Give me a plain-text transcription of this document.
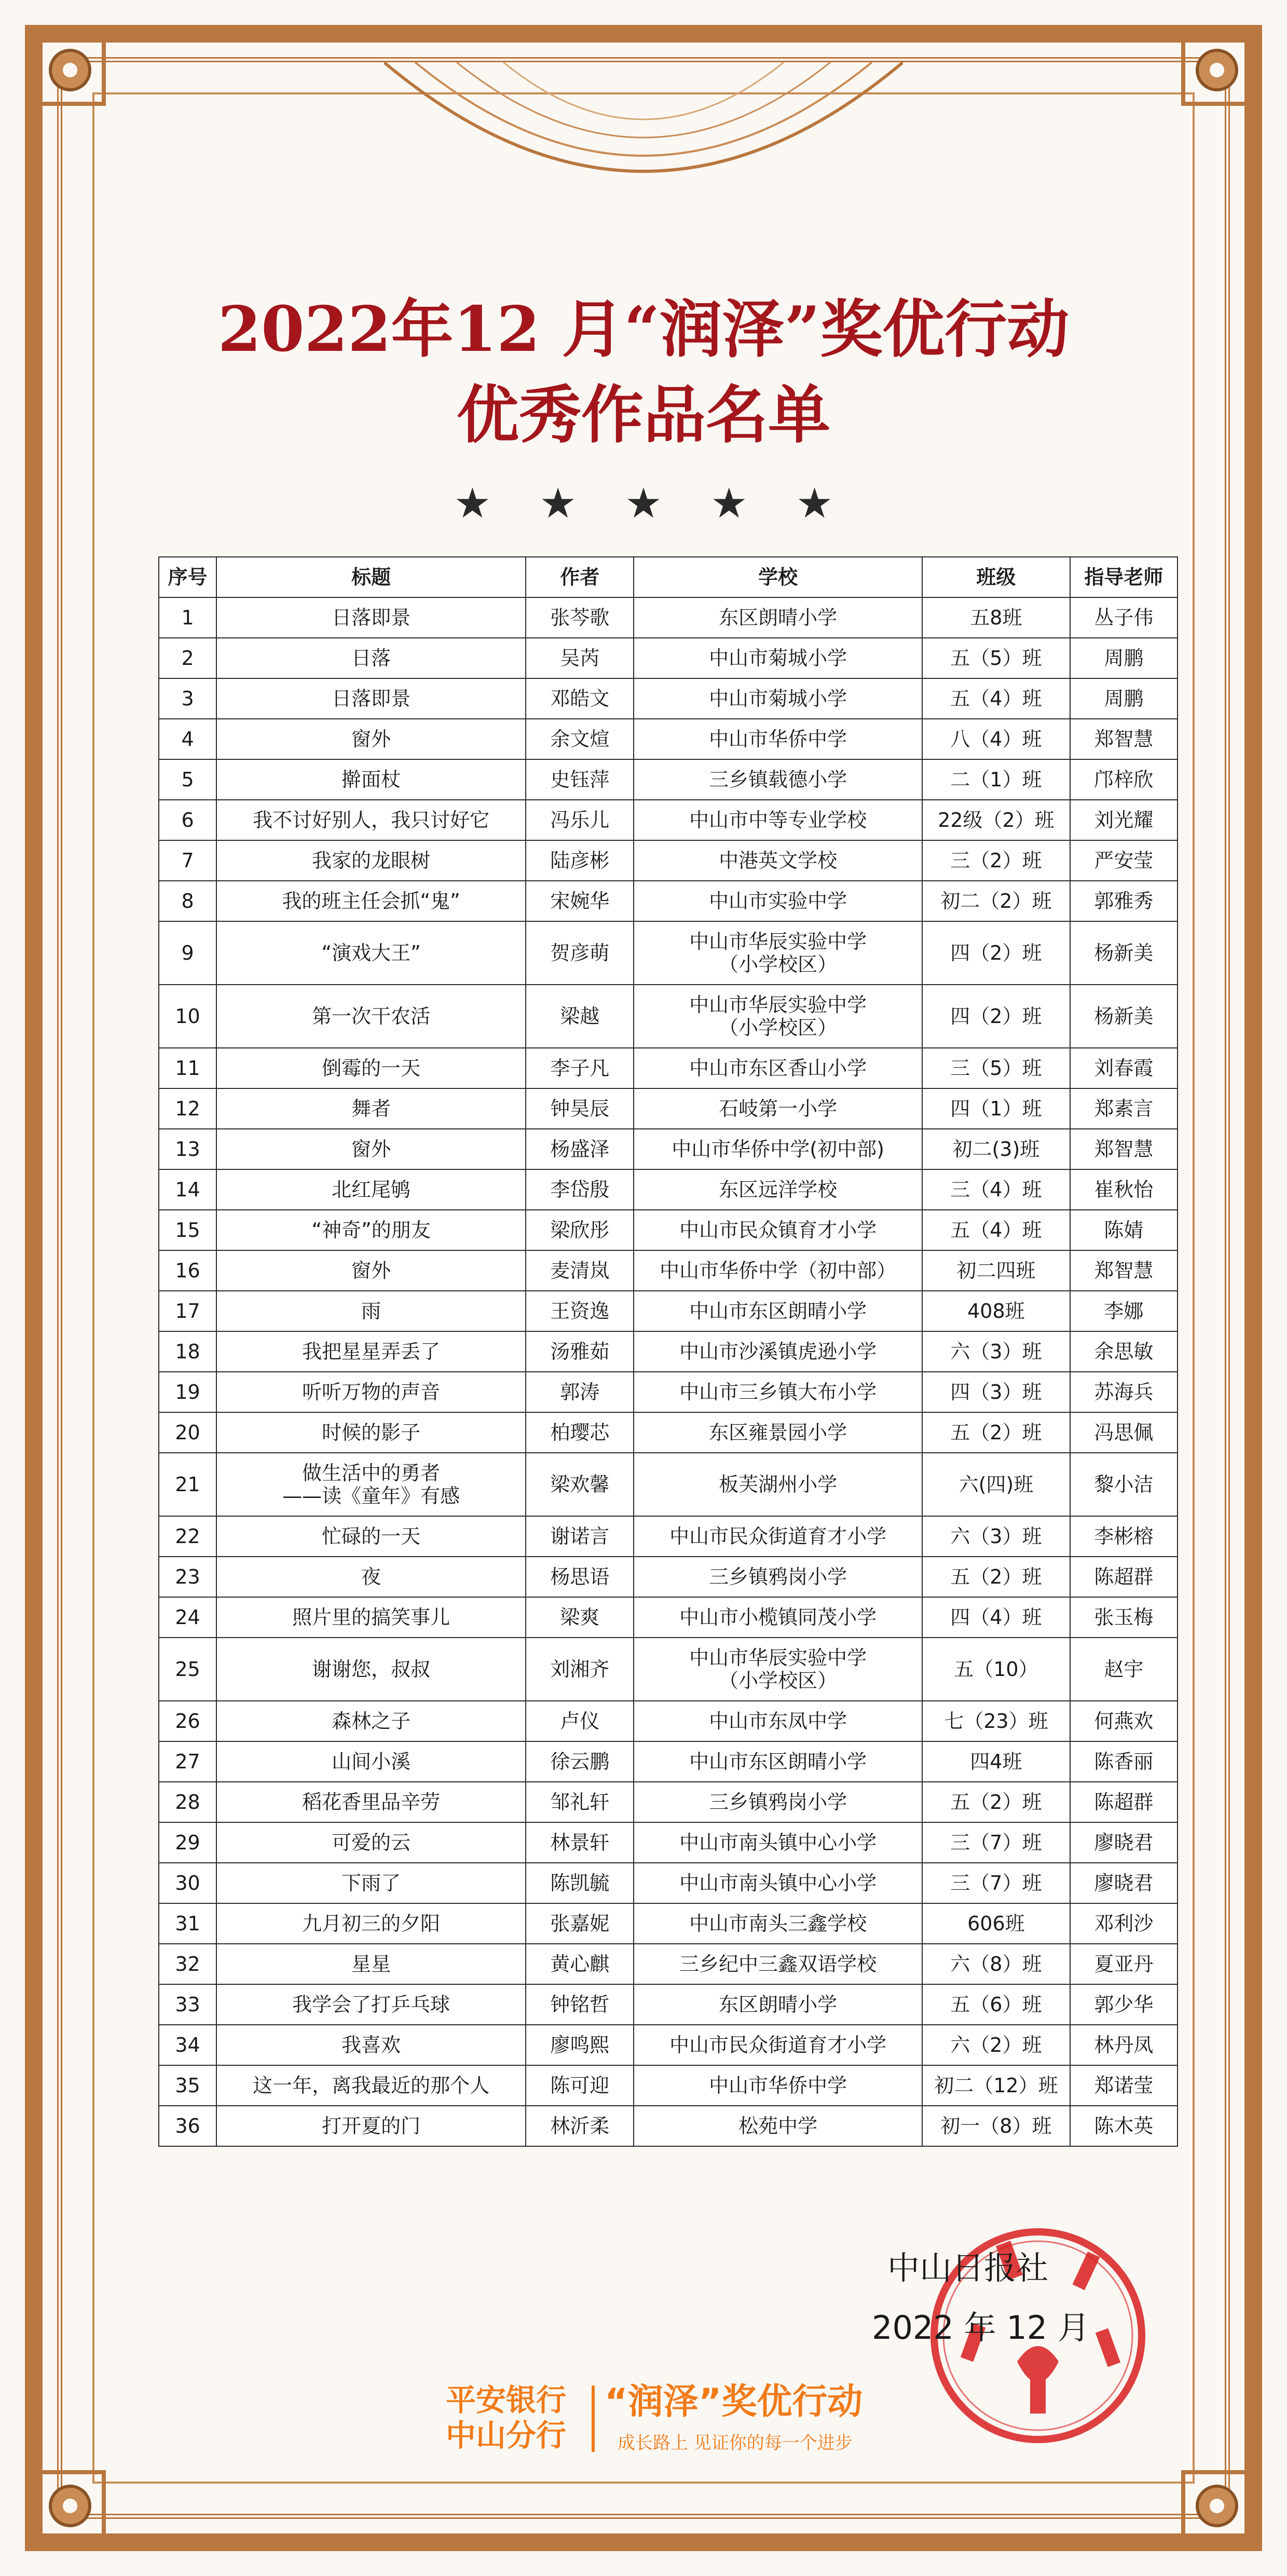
2022年12 月“润泽”奖优行动
优秀作品名单
★ ★ ★ ★ ★
序号	标题	作者	学校	班级	指导老师

1	日落即景	张芩歌	东区朗晴小学	五8班	丛子伟

2	日落	吴芮	中山市菊城小学	五（5）班	周鹏

3	日落即景	邓皓文	中山市菊城小学	五（4）班	周鹏

4	窗外	余文煊	中山市华侨中学	八（4）班	郑智慧

5	擀面杖	史钰萍	三乡镇载德小学	二（1）班	邝梓欣

6	我不讨好别人，我只讨好它	冯乐儿	中山市中等专业学校	22级（2）班	刘光耀

7	我家的龙眼树	陆彦彬	中港英文学校	三（2）班	严安莹

8	我的班主任会抓“鬼”	宋婉华	中山市实验中学	初二（2）班	郭雅秀

9	“演戏大王”	贺彦萌	中山市华辰实验中学
（小学校区）	四（2）班	杨新美

10	第一次干农活	梁越	中山市华辰实验中学
（小学校区）	四（2）班	杨新美

11	倒霉的一天	李子凡	中山市东区香山小学	三（5）班	刘春霞

12	舞者	钟昊辰	石岐第一小学	四（1）班	郑素言

13	窗外	杨盛泽	中山市华侨中学(初中部)	初二(3)班	郑智慧

14	北红尾鸲	李岱殷	东区远洋学校	三（4）班	崔秋怡

15	“神奇”的朋友	梁欣彤	中山市民众镇育才小学	五（4）班	陈婧

16	窗外	麦清岚	中山市华侨中学（初中部）	初二四班	郑智慧

17	雨	王资逸	中山市东区朗晴小学	408班	李娜

18	我把星星弄丢了	汤雅茹	中山市沙溪镇虎逊小学	六（3）班	余思敏

19	听听万物的声音	郭涛	中山市三乡镇大布小学	四（3）班	苏海兵

20	时候的影子	柏璎芯	东区雍景园小学	五（2）班	冯思佩

21	做生活中的勇者
——读《童年》有感	梁欢馨	板芙湖州小学	六(四)班	黎小洁

22	忙碌的一天	谢诺言	中山市民众街道育才小学	六（3）班	李彬榕

23	夜	杨思语	三乡镇鸦岗小学	五（2）班	陈超群

24	照片里的搞笑事儿	梁爽	中山市小榄镇同茂小学	四（4）班	张玉梅

25	谢谢您，叔叔	刘湘齐	中山市华辰实验中学
（小学校区）	五（10）	赵宇

26	森林之子	卢仪	中山市东凤中学	七（23）班	何燕欢

27	山间小溪	徐云鹏	中山市东区朗晴小学	四4班	陈香丽

28	稻花香里品辛劳	邹礼轩	三乡镇鸦岗小学	五（2）班	陈超群

29	可爱的云	林景轩	中山市南头镇中心小学	三（7）班	廖晓君

30	下雨了	陈凯毓	中山市南头镇中心小学	三（7）班	廖晓君

31	九月初三的夕阳	张嘉妮	中山市南头三鑫学校	606班	邓利沙

32	星星	黄心麒	三乡纪中三鑫双语学校	六（8）班	夏亚丹

33	我学会了打乒乓球	钟铭哲	东区朗晴小学	五（6）班	郭少华

34	我喜欢	廖鸣熙	中山市民众街道育才小学	六（2）班	林丹凤

35	这一年，离我最近的那个人	陈可迎	中山市华侨中学	初二（12）班	郑诺莹

36	打开夏的门	林沂柔	松苑中学	初一（8）班	陈木英
中山日报社
2022 年 12 月
平安银行
中山分行
“润泽”奖优行动
成长路上 见证你的每一个进步
